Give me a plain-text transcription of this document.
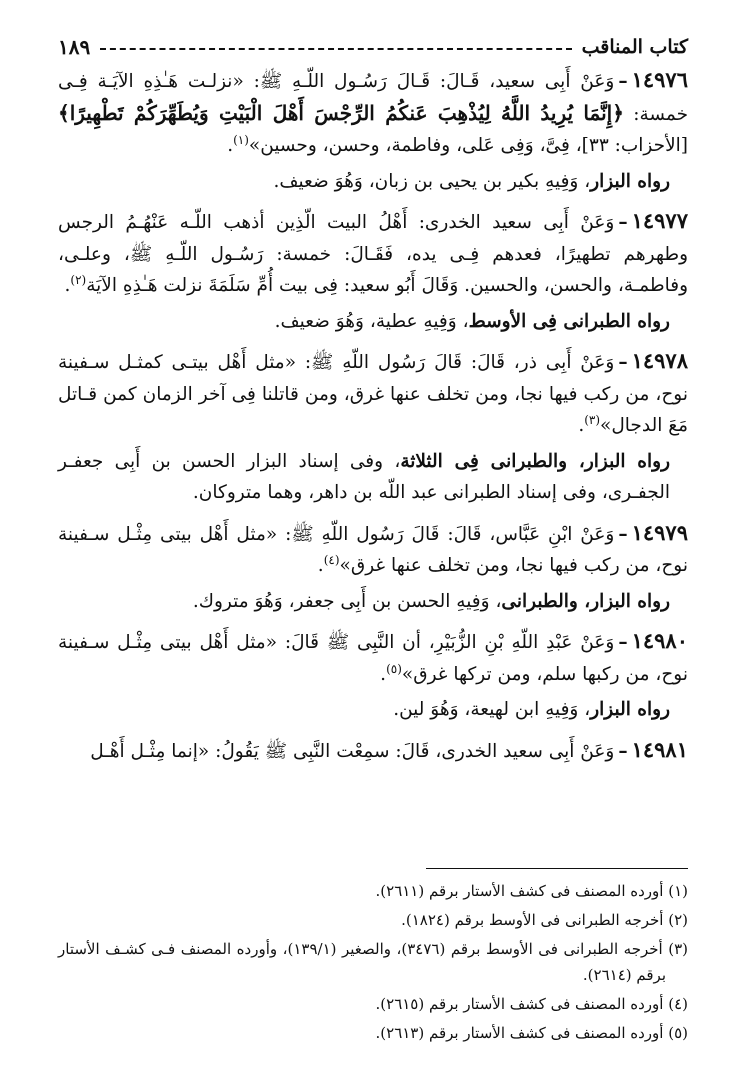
كتاب المناقب
١٨٩

١٤٩٧٦–وَعَنْ أَبِى سعيد، قَـالَ: قَـالَ رَسُـول اللّـهِ ﷺ: «نزلـت هَـٰذِهِ الآيَـة فِـى خمسة: ﴿إِنَّمَا يُرِيدُ اللَّهُ لِيُذْهِبَ عَنكُمُ الرِّجْسَ أَهْلَ الْبَيْتِ وَيُطَهِّرَكُمْ تَطْهِيرًا﴾ [الأحزاب: ٣٣]، فِىَّ، وَفِى عَلى، وفاطمة، وحسن، وحسين»$^{(١)}$.

رواه البزار، وَفِيهِ بكير بن يحيى بن زبان، وَهُوَ ضعيف.

١٤٩٧٧–وَعَنْ أَبِى سعيد الخدرى: أَهْلُ البيت الّذِين أذهب اللّـه عَنْهُـمُ الرجس وطهرهم تطهيرًا، فعدهم فِـى يده، فَقَـالَ: خمسة: رَسُـول اللّـهِ ﷺ، وعلـى، وفاطمـة، والحسن، والحسين. وَقَالَ أَبُو سعيد: فِى بيت أُمِّ سَلَمَةَ نزلت هَـٰذِهِ الآيَة$^{(٢)}$.

رواه الطبرانى فِى الأوسط، وَفِيهِ عطية، وَهُوَ ضعيف.

١٤٩٧٨–وَعَنْ أَبِى ذر، قَالَ: قَالَ رَسُول اللّهِ ﷺ: «مثل أَهْل بيتـى كمثـل سـفينة نوح، من ركب فيها نجا، ومن تخلف عنها غرق، ومن قاتلنا فِى آخر الزمان كمن قـاتل مَعَ الدجال»$^{(٣)}$.

رواه البزار، والطبرانى فِى الثلاثة، وفى إسناد البزار الحسن بن أَبِى جعفـر الجفـرى، وفى إسناد الطبرانى عبد اللّه بن داهر، وهما متروكان.

١٤٩٧٩–وَعَنْ ابْنِ عَبَّاس، قَالَ: قَالَ رَسُول اللّهِ ﷺ: «مثل أَهْل بيتى مِثْـل سـفينة نوح، من ركب فيها نجا، ومن تخلف عنها غرق»$^{(٤)}$.

رواه البزار، والطبرانى، وَفِيهِ الحسن بن أَبِى جعفر، وَهُوَ متروك.

١٤٩٨٠–وَعَنْ عَبْدِ اللّهِ بْنِ الزُّبَيْرِ، أن النَّبِى ﷺ قَالَ: «مثل أَهْل بيتى مِثْـل سـفينة نوح، من ركبها سلم، ومن تركها غرق»$^{(٥)}$.

رواه البزار، وَفِيهِ ابن لهيعة، وَهُوَ لين.

١٤٩٨١–وَعَنْ أَبِى سعيد الخدرى، قَالَ: سمِعْت النَّبِى ﷺ يَقُولُ: «إنما مِثْـل أَهْـل

(١) أورده المصنف فى كشف الأستار برقم (٢٦١١).

(٢) أخرجه الطبرانى فى الأوسط برقم (١٨٢٤).

(٣) أخرجه الطبرانى فى الأوسط برقم (٣٤٧٦)، والصغير (١٣٩/١)، وأورده المصنف فـى كشـف الأستار برقم (٢٦١٤).

(٤) أورده المصنف فى كشف الأستار برقم (٢٦١٥).

(٥) أورده المصنف فى كشف الأستار برقم (٢٦١٣).
